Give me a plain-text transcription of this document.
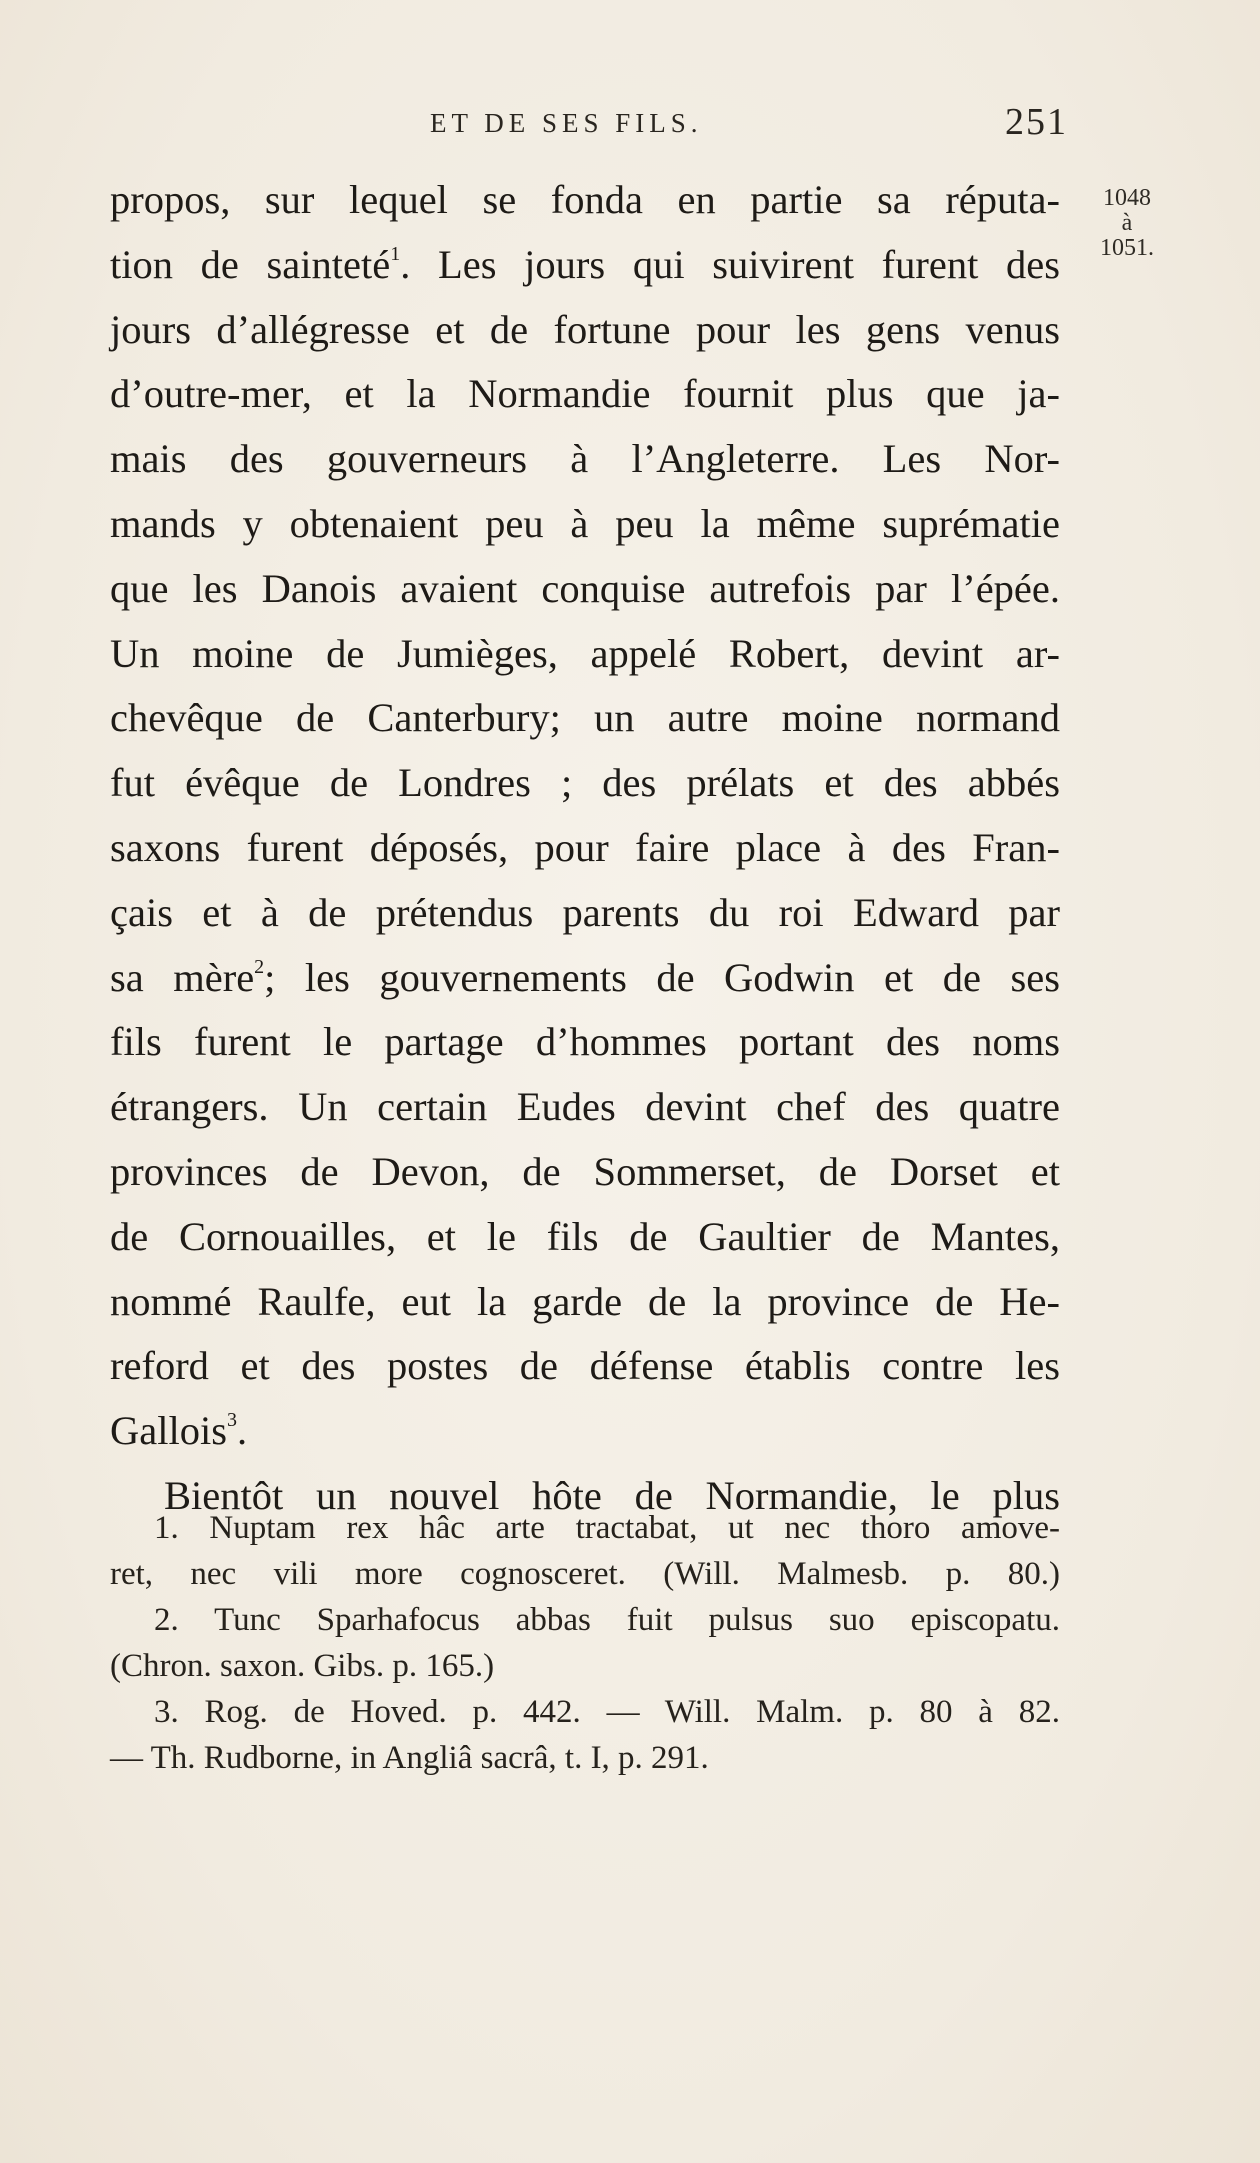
ET DE SES FILS.	251
1048
à
1051.
propos, sur lequel se fonda en partie sa réputa-
tion de sainteté$^1$. Les jours qui suivirent furent des
jours d’allégresse et de fortune pour les gens venus
d’outre-mer, et la Normandie fournit plus que ja-
mais des gouverneurs à l’Angleterre. Les Nor-
mands y obtenaient peu à peu la même suprématie
que les Danois avaient conquise autrefois par l’épée.
Un moine de Jumièges, appelé Robert, devint ar-
chevêque de Canterbury; un autre moine normand
fut évêque de Londres ; des prélats et des abbés
saxons furent déposés, pour faire place à des Fran-
çais et à de prétendus parents du roi Edward par
sa mère$^2$; les gouvernements de Godwin et de ses
fils furent le partage d’hommes portant des noms
étrangers. Un certain Eudes devint chef des quatre
provinces de Devon, de Sommerset, de Dorset et
de Cornouailles, et le fils de Gaultier de Mantes,
nommé Raulfe, eut la garde de la province de He-
reford et des postes de défense établis contre les
Gallois$^3$.
Bientôt un nouvel hôte de Normandie, le plus
1. Nuptam rex hâc arte tractabat, ut nec thoro amove-
ret, nec vili more cognosceret. (Will. Malmesb. p. 80.)
2. Tunc Sparhafocus abbas fuit pulsus suo episcopatu.
(Chron. saxon. Gibs. p. 165.)
3. Rog. de Hoved. p. 442. — Will. Malm. p. 80 à 82.
— Th. Rudborne, in Angliâ sacrâ, t. I, p. 291.
